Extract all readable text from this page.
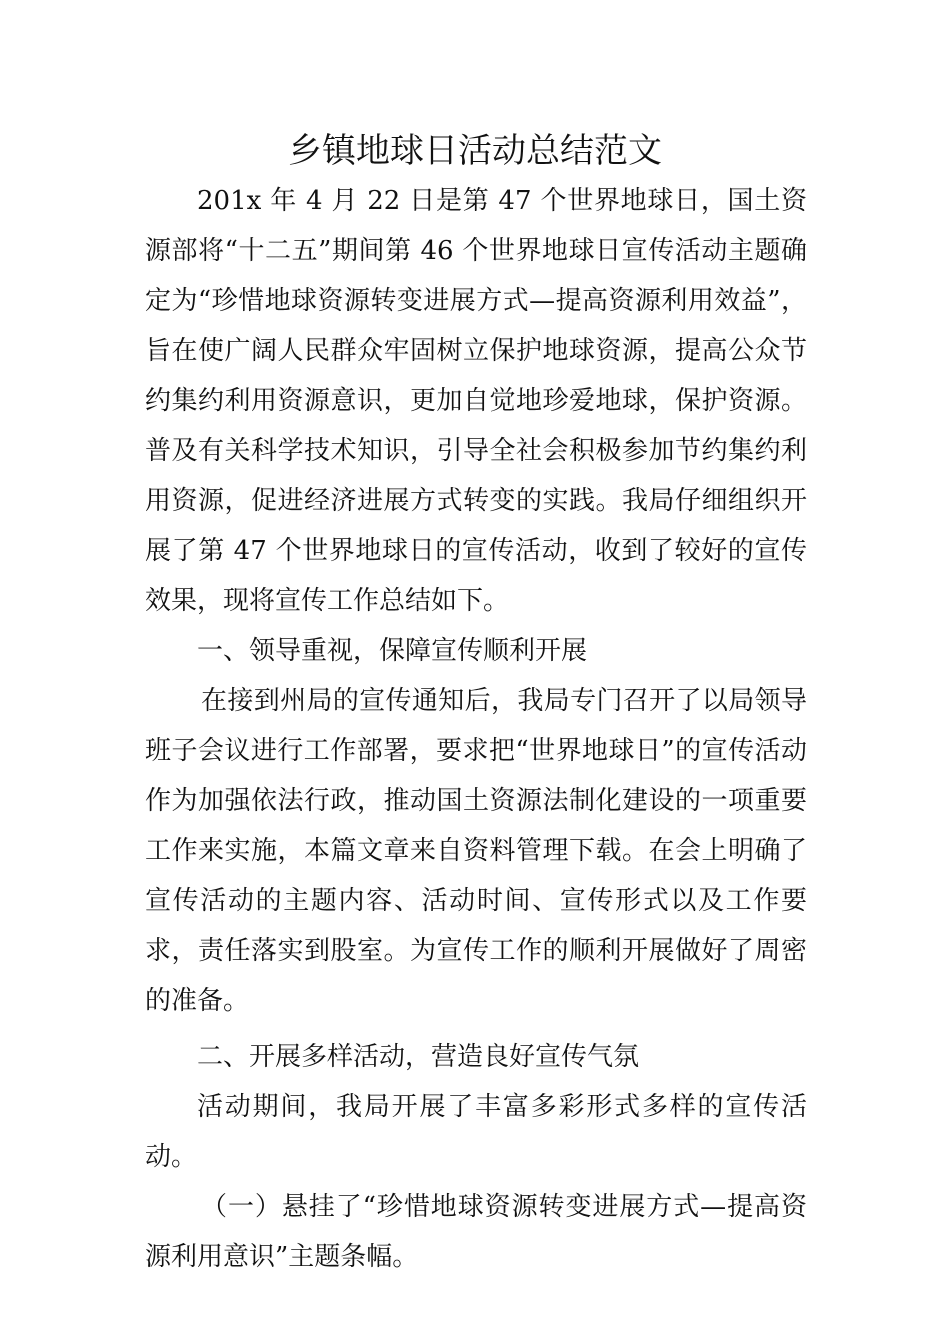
乡镇地球日活动总结范文

201x 年 4 月 22 日是第 47 个世界地球日，国土资源部将“十二五”期间第 46 个世界地球日宣传活动主题确定为“珍惜地球资源转变进展方式—提高资源利用效益”，旨在使广阔人民群众牢固树立保护地球资源，提高公众节约集约利用资源意识，更加自觉地珍爱地球，保护资源。普及有关科学技术知识，引导全社会积极参加节约集约利用资源，促进经济进展方式转变的实践。我局仔细组织开展了第 47 个世界地球日的宣传活动，收到了较好的宣传效果，现将宣传工作总结如下。

一、领导重视，保障宣传顺利开展

在接到州局的宣传通知后，我局专门召开了以局领导班子会议进行工作部署，要求把“世界地球日”的宣传活动作为加强依法行政，推动国土资源法制化建设的一项重要工作来实施，本篇文章来自资料管理下载。在会上明确了宣传活动的主题内容、活动时间、宣传形式以及工作要求，责任落实到股室。为宣传工作的顺利开展做好了周密的准备。

二、开展多样活动，营造良好宣传气氛

活动期间，我局开展了丰富多彩形式多样的宣传活动。

（一）悬挂了“珍惜地球资源转变进展方式—提高资源利用意识”主题条幅。
